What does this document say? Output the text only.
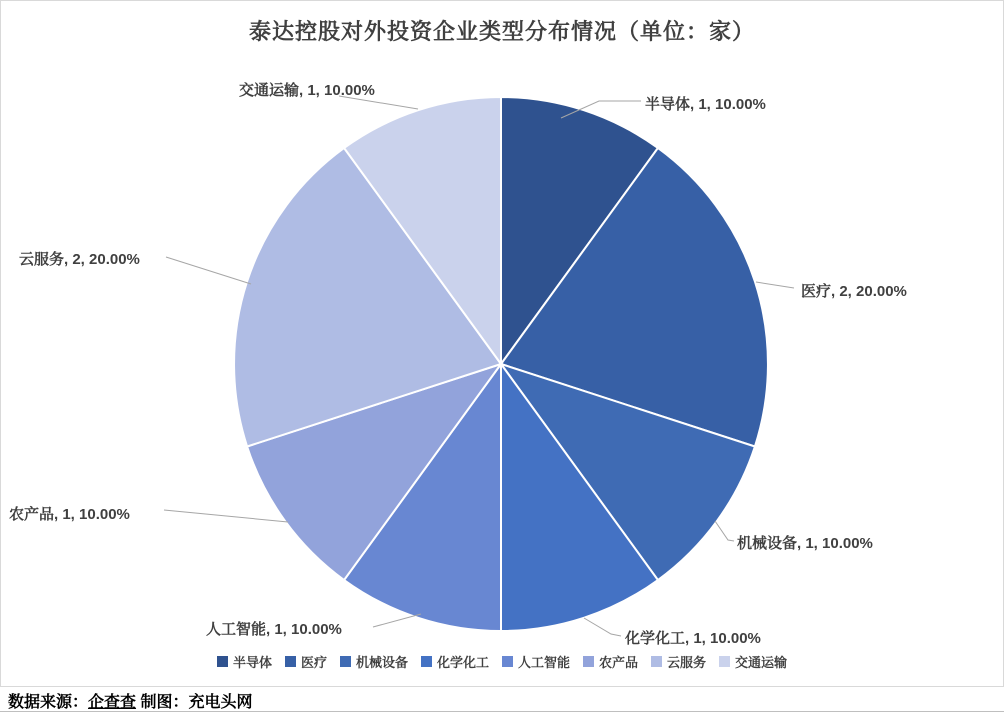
泰达控股对外投资企业类型分布情况（单位：家）
半导体, 1, 10.00%
医疗, 2, 20.00%
机械设备, 1, 10.00%
化学化工, 1, 10.00%
人工智能, 1, 10.00%
农产品, 1, 10.00%
云服务, 2, 20.00%
交通运输, 1, 10.00%
半导体 医疗 机械设备 化学化工 人工智能 农产品 云服务 交通运输
数据来源： 企查查
制图：充电头网
